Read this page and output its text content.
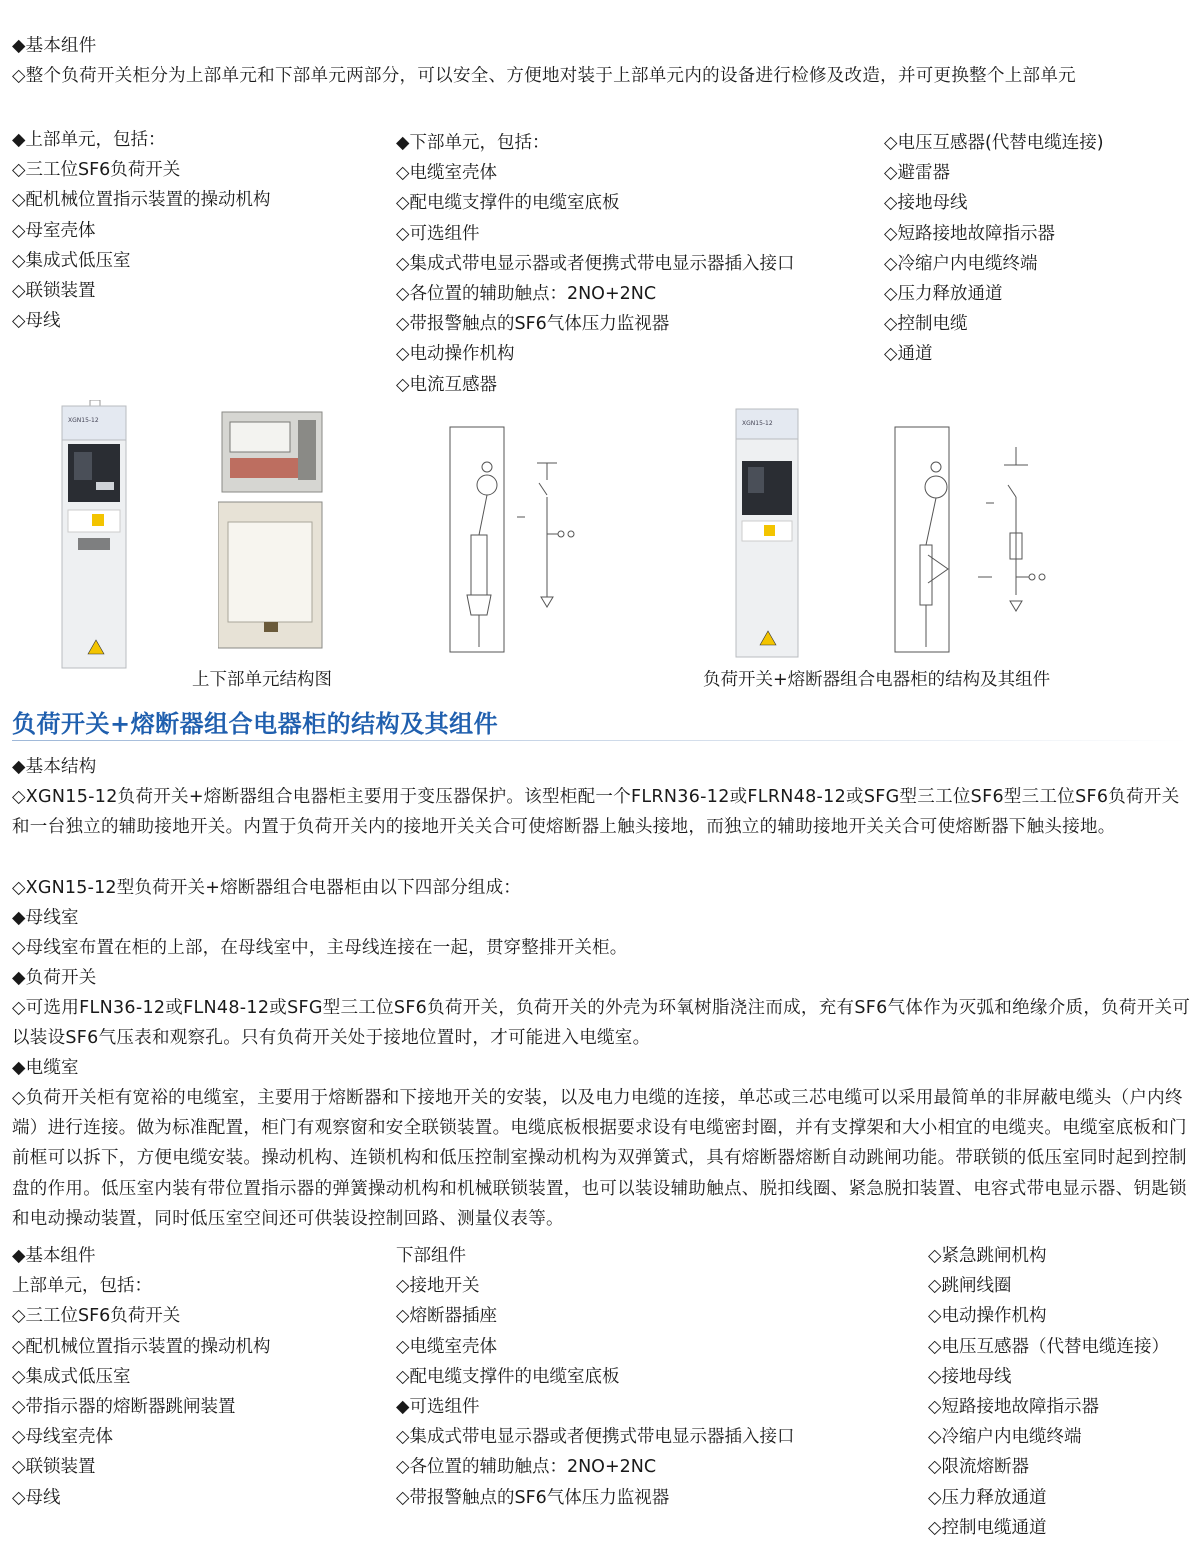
◆基本组件
◇整个负荷开关柜分为上部单元和下部单元两部分，可以安全、方便地对装于上部单元内的设备进行检修及改造，并可更换整个上部单元
◆上部单元，包括：
◇三工位SF6负荷开关
◇配机械位置指示装置的操动机构
◇母室壳体
◇集成式低压室
◇联锁装置
◇母线
◆下部单元，包括：
◇电缆室壳体
◇配电缆支撑件的电缆室底板
◇可选组件
◇集成式带电显示器或者便携式带电显示器插入接口
◇各位置的辅助触点：2NO+2NC
◇带报警触点的SF6气体压力监视器
◇电动操作机构
◇电流互感器
◇电压互感器(代替电缆连接)
◇避雷器
◇接地母线
◇短路接地故障指示器
◇冷缩户内电缆终端
◇压力释放通道
◇控制电缆
◇通道
XGN15-12	XGN15-12
上下部单元结构图	负荷开关+熔断器组合电器柜的结构及其组件
负荷开关+熔断器组合电器柜的结构及其组件
◆基本结构
◇XGN15-12负荷开关+熔断器组合电器柜主要用于变压器保护。该型柜配一个FLRN36-12或FLRN48-12或SFG型三工位SF6型三工位SF6负荷开关和一台独立的辅助接地开关。内置于负荷开关内的接地开关关合可使熔断器上触头接地，而独立的辅助接地开关关合可使熔断器下触头接地。
◇XGN15-12型负荷开关+熔断器组合电器柜由以下四部分组成：
◆母线室
◇母线室布置在柜的上部，在母线室中，主母线连接在一起，贯穿整排开关柜。
◆负荷开关
◇可选用FLN36-12或FLN48-12或SFG型三工位SF6负荷开关，负荷开关的外壳为环氧树脂浇注而成，充有SF6气体作为灭弧和绝缘介质，负荷开关可以装设SF6气压表和观察孔。只有负荷开关处于接地位置时，才可能进入电缆室。
◆电缆室
◇负荷开关柜有宽裕的电缆室，主要用于熔断器和下接地开关的安装，以及电力电缆的连接，单芯或三芯电缆可以采用最简单的非屏蔽电缆头（户内终端）进行连接。做为标准配置，柜门有观察窗和安全联锁装置。电缆底板根据要求设有电缆密封圈，并有支撑架和大小相宜的电缆夹。电缆室底板和门前框可以拆下，方便电缆安装。操动机构、连锁机构和低压控制室操动机构为双弹簧式，具有熔断器熔断自动跳闸功能。带联锁的低压室同时起到控制盘的作用。低压室内装有带位置指示器的弹簧操动机构和机械联锁装置，也可以装设辅助触点、脱扣线圈、紧急脱扣装置、电容式带电显示器、钥匙锁和电动操动装置，同时低压室空间还可供装设控制回路、测量仪表等。
◆基本组件
上部单元，包括：
◇三工位SF6负荷开关
◇配机械位置指示装置的操动机构
◇集成式低压室
◇带指示器的熔断器跳闸装置
◇母线室壳体
◇联锁装置
◇母线
下部组件
◇接地开关
◇熔断器插座
◇电缆室壳体
◇配电缆支撑件的电缆室底板
◆可选组件
◇集成式带电显示器或者便携式带电显示器插入接口
◇各位置的辅助触点：2NO+2NC
◇带报警触点的SF6气体压力监视器
◇紧急跳闸机构
◇跳闸线圈
◇电动操作机构
◇电压互感器（代替电缆连接）
◇接地母线
◇短路接地故障指示器
◇冷缩户内电缆终端
◇限流熔断器
◇压力释放通道
◇控制电缆通道
